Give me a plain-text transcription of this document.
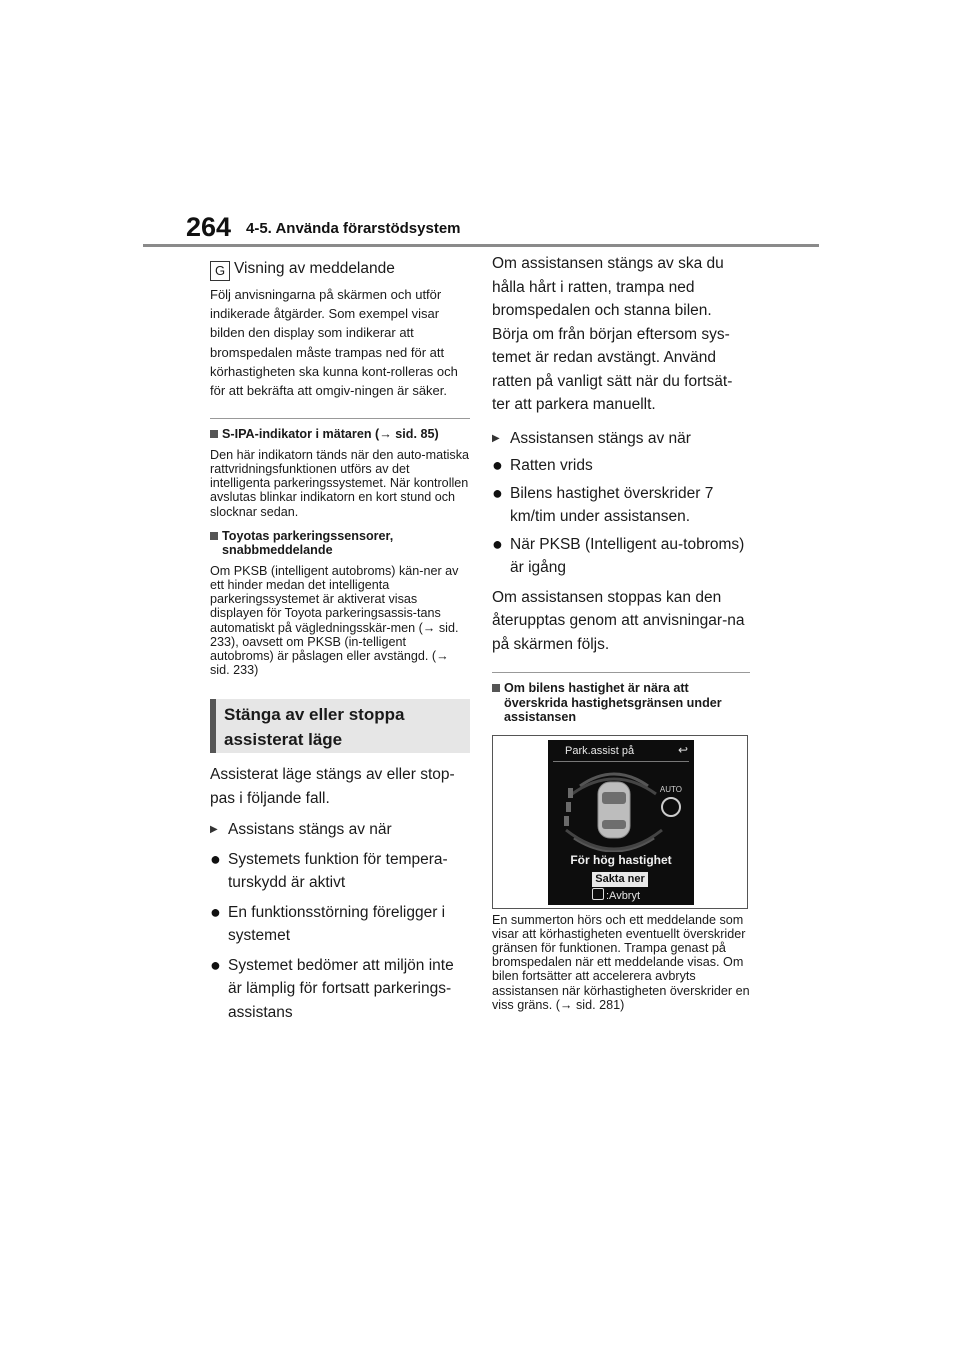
264 4-5. Använda förarstödsystem
G Visning av meddelande
Följ anvisningarna på skärmen och utför indikerade åtgärder. Som exempel visar bilden den display som indikerar att bromspedalen måste trampas ned för att körhastigheten ska kunna kont-rolleras och för att bekräfta att omgiv-ningen är säker.
S-IPA-indikator i mätaren (→ sid. 85)
Den här indikatorn tänds när den auto-matiska rattvridningsfunktionen utförs av det intelligenta parkeringssystemet. När kontrollen avslutas blinkar indikatorn en kort stund och slocknar sedan.
Toyotas parkeringssensorer, snabbmeddelande
Om PKSB (intelligent autobroms) kän-ner av ett hinder medan det intelligenta parkeringssystemet är aktiverat visas displayen för Toyota parkeringsassis-tans automatiskt på vägledningsskär-men (→ sid. 233), oavsett om PKSB (in-telligent autobroms) är påslagen eller avstängd. (→ sid. 233)
Stänga av eller stoppa assisterat läge
Assisterat läge stängs av eller stop-pas i följande fall.
▶ Assistans stängs av när
● Systemets funktion för tempera-turskydd är aktivt
● En funktionsstörning föreligger i systemet
● Systemet bedömer att miljön inte är lämplig för fortsatt parkerings-assistans
Om assistansen stängs av ska du hålla hårt i ratten, trampa ned bromspedalen och stanna bilen. Börja om från början eftersom sys-temet är redan avstängt. Använd ratten på vanligt sätt när du fortsät-ter att parkera manuellt.
▶ Assistansen stängs av när
● Ratten vrids
● Bilens hastighet överskrider 7 km/tim under assistansen.
● När PKSB (Intelligent au-tobroms) är igång
Om assistansen stoppas kan den återupptas genom att anvisningar-na på skärmen följs.
Om bilens hastighet är nära att överskrida hastighetsgränsen under assistansen
Park.assist på	↩
AUTO
För hög hastighet
Sakta ner
:Avbryt
En summerton hörs och ett meddelande som visar att körhastigheten eventuellt överskrider gränsen för funktionen. Trampa genast på bromspedalen när ett meddelande visas. Om bilen fortsätter att accelerera avbryts assistansen när körhastigheten överskrider en viss gräns. (→ sid. 281)
